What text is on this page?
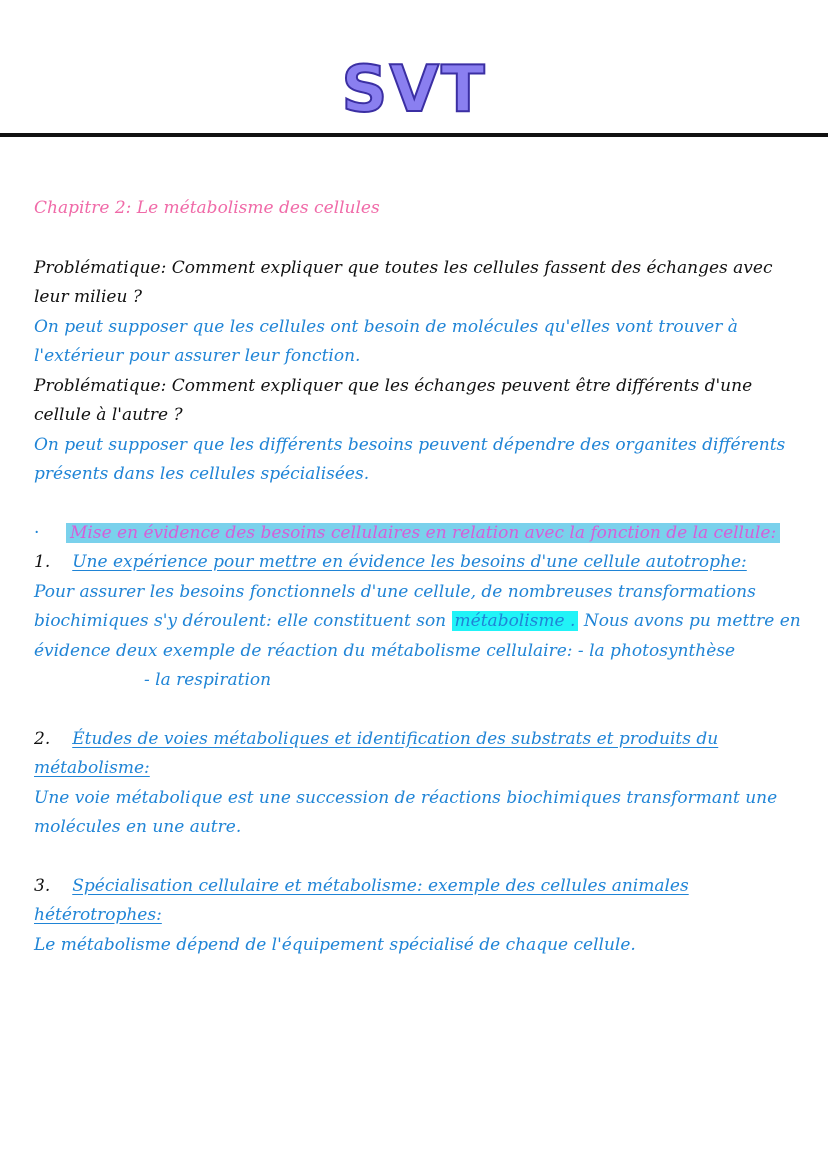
SVT

Chapitre 2: Le métabolisme des cellules

Problématique: Comment expliquer que toutes les cellules fassent des échanges avec leur milieu ?

On peut supposer que les cellules ont besoin de molécules qu'elles vont trouver à l'extérieur pour assurer leur fonction.

Problématique: Comment expliquer que les échanges peuvent être différents d'une cellule à l'autre ?

On peut supposer que les différents besoins peuvent dépendre des organites différents présents dans les cellules spécialisées.

· Mise en évidence des besoins cellulaires en relation avec la fonction de la cellule:

1. Une expérience pour mettre en évidence les besoins d'une cellule autotrophe:

Pour assurer les besoins fonctionnels d'une cellule, de nombreuses transformations biochimiques s'y déroulent: elle constituent son métabolisme . Nous avons pu mettre en évidence deux exemple de réaction du métabolisme cellulaire: - la photosynthèse

- la respiration

2. Études de voies métaboliques et identification des substrats et produits du métabolisme:

Une voie métabolique est une succession de réactions biochimiques transformant une molécules en une autre.

3. Spécialisation cellulaire et métabolisme: exemple des cellules animales hétérotrophes:

Le métabolisme dépend de l'équipement spécialisé de chaque cellule.
